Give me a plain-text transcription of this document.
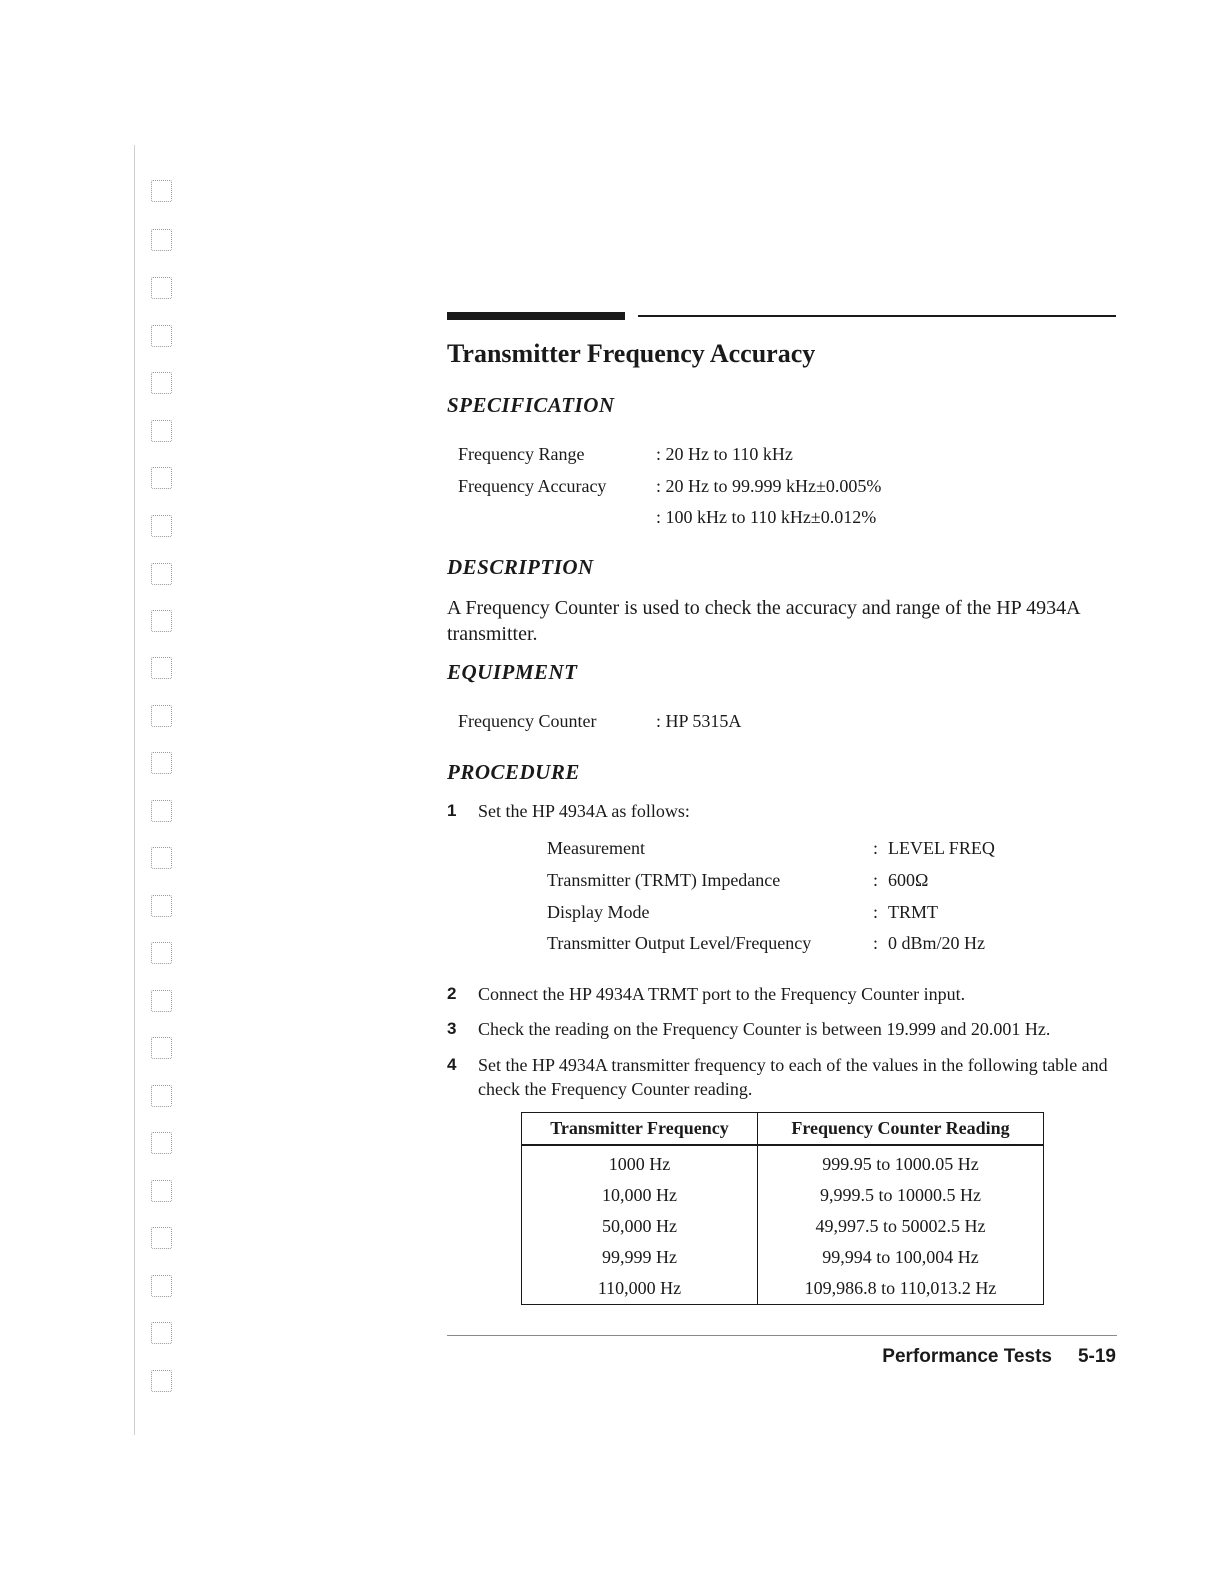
Transmitter Frequency Accuracy
SPECIFICATION
Frequency Range	: 20 Hz to 110 kHz
Frequency Accuracy	: 20 Hz to 99.999 kHz±0.005%
: 100 kHz to 110 kHz±0.012%
DESCRIPTION

A Frequency Counter is used to check the accuracy and range of the HP 4934A transmitter.

EQUIPMENT
Frequency Counter	: HP 5315A
PROCEDURE
1 Set the HP 4934A as follows:
Measurement	: LEVEL FREQ
Transmitter (TRMT) Impedance	: 600Ω
Display Mode	: TRMT
Transmitter Output Level/Frequency	: 0 dBm/20 Hz
2 Connect the HP 4934A TRMT port to the Frequency Counter input.
3 Check the reading on the Frequency Counter is between 19.999 and 20.001 Hz.
4 Set the HP 4934A transmitter frequency to each of the values in the following table and check the Frequency Counter reading.
Transmitter Frequency	Frequency Counter Reading
1000 Hz	999.95 to 1000.05 Hz
10,000 Hz	9,999.5 to 10000.5 Hz
50,000 Hz	49,997.5 to 50002.5 Hz
99,999 Hz	99,994 to 100,004 Hz
110,000 Hz	109,986.8 to 110,013.2 Hz
Performance Tests 5-19
